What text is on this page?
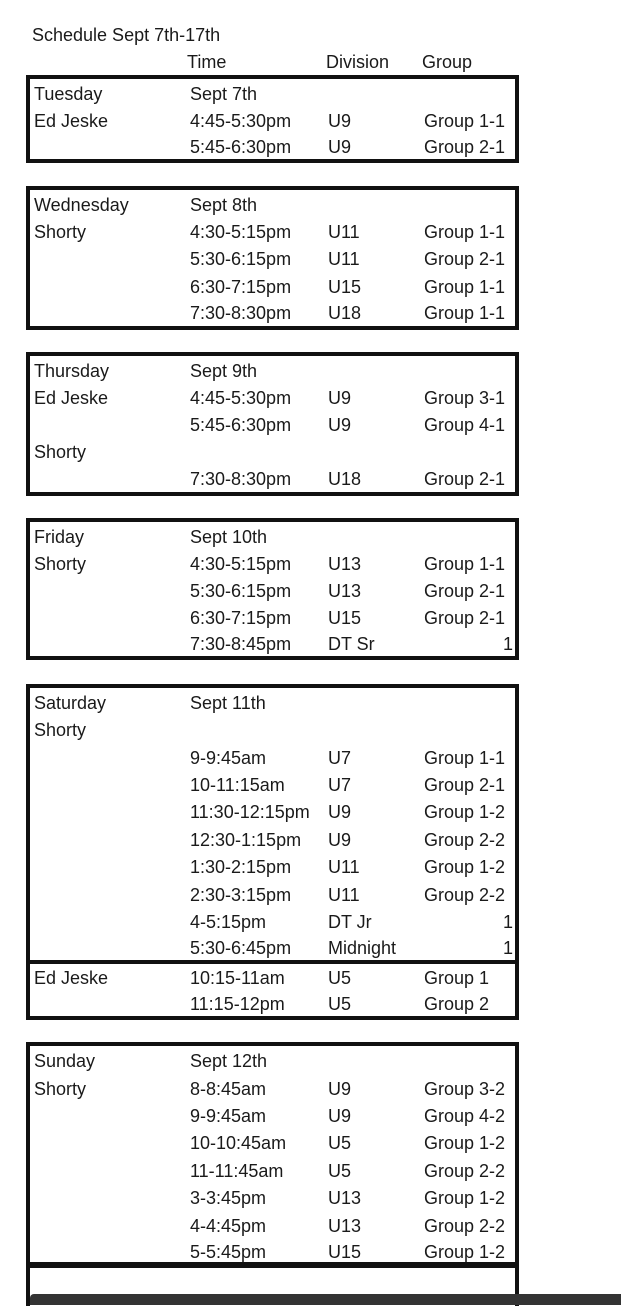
Schedule Sept 7th-17th
Time	Division Group
Tuesday	Sept 7th
Ed Jeske	4:45-5:30pm U9	Group 1-1
5:45-6:30pm U9	Group 2-1
Wednesday	Sept 8th
Shorty	4:30-5:15pm U11	Group 1-1
5:30-6:15pm U11	Group 2-1
6:30-7:15pm U15	Group 1-1
7:30-8:30pm U18	Group 1-1
Thursday	Sept 9th
Ed Jeske	4:45-5:30pm U9	Group 3-1
5:45-6:30pm U9	Group 4-1
Shorty
7:30-8:30pm U18	Group 2-1
Friday	Sept 10th
Shorty	4:30-5:15pm U13	Group 1-1
5:30-6:15pm U13	Group 2-1
6:30-7:15pm U15	Group 2-1
7:30-8:45pm DT Sr	1
Saturday	Sept 11th
Shorty
9-9:45am	U7	Group 1-1
10-11:15am U7	Group 2-1
11:30-12:15pm U9	Group 1-2
12:30-1:15pm U9	Group 2-2
1:30-2:15pm U11	Group 1-2
2:30-3:15pm U11	Group 2-2
4-5:15pm	DT Jr	1
5:30-6:45pm Midnight	1
Ed Jeske	10:15-11am U5	Group 1
11:15-12pm U5	Group 2
Sunday	Sept 12th
Shorty	8-8:45am	U9	Group 3-2
9-9:45am	U9	Group 4-2
10-10:45am U5	Group 1-2
11-11:45am U5	Group 2-2
3-3:45pm	U13	Group 1-2
4-4:45pm	U13	Group 2-2
5-5:45pm	U15	Group 1-2
